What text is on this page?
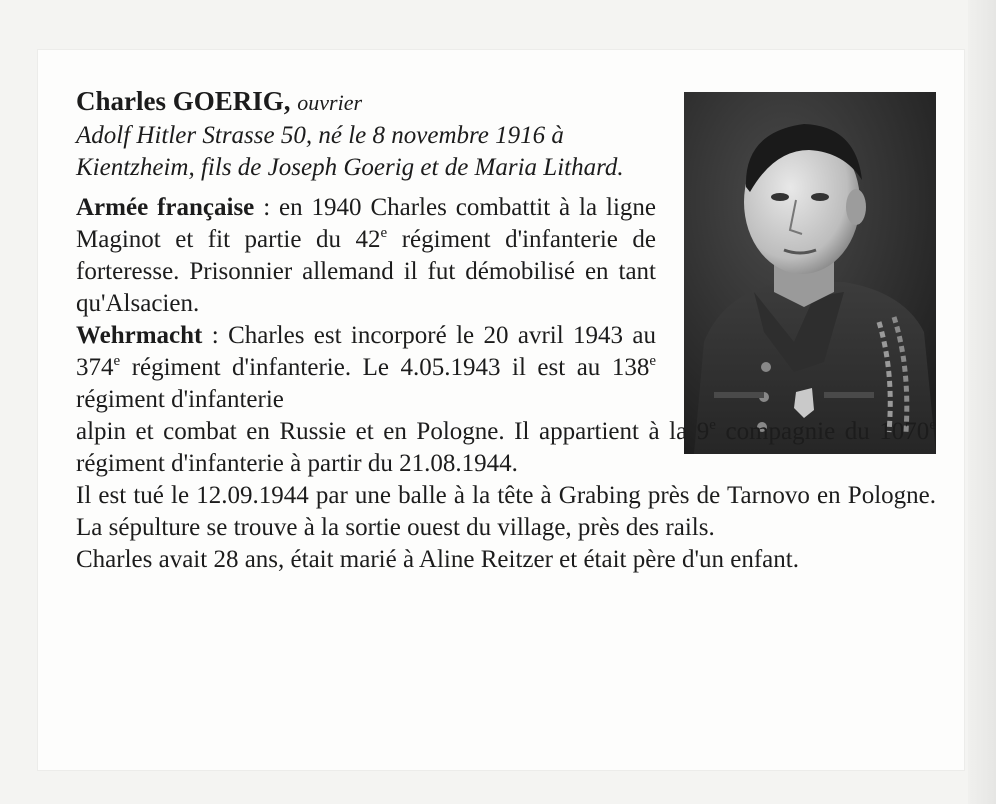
Charles GOERIG, ouvrier

Adolf Hitler Strasse 50, né le 8 novembre 1916 à Kientzheim, fils de Joseph Goerig et de Maria Lithard.

Armée française : en 1940 Charles combattit à la ligne Maginot et fit partie du 42e régiment d'infanterie de forteresse. Prisonnier allemand il fut démobilisé en tant qu'Alsacien.

Wehrmacht : Charles est incorporé le 20 avril 1943 au 374e régiment d'infanterie. Le 4.05.1943 il est au 138e régiment d'infanterie

alpin et combat en Russie et en Pologne. Il appartient à la 9e compagnie du 1070e régiment d'infanterie à partir du 21.08.1944.

Il est tué le 12.09.1944 par une balle à la tête à Grabing près de Tarnovo en Pologne. La sépulture se trouve à la sortie ouest du village, près des rails.

Charles avait 28 ans, était marié à Aline Reitzer et était père d'un enfant.
